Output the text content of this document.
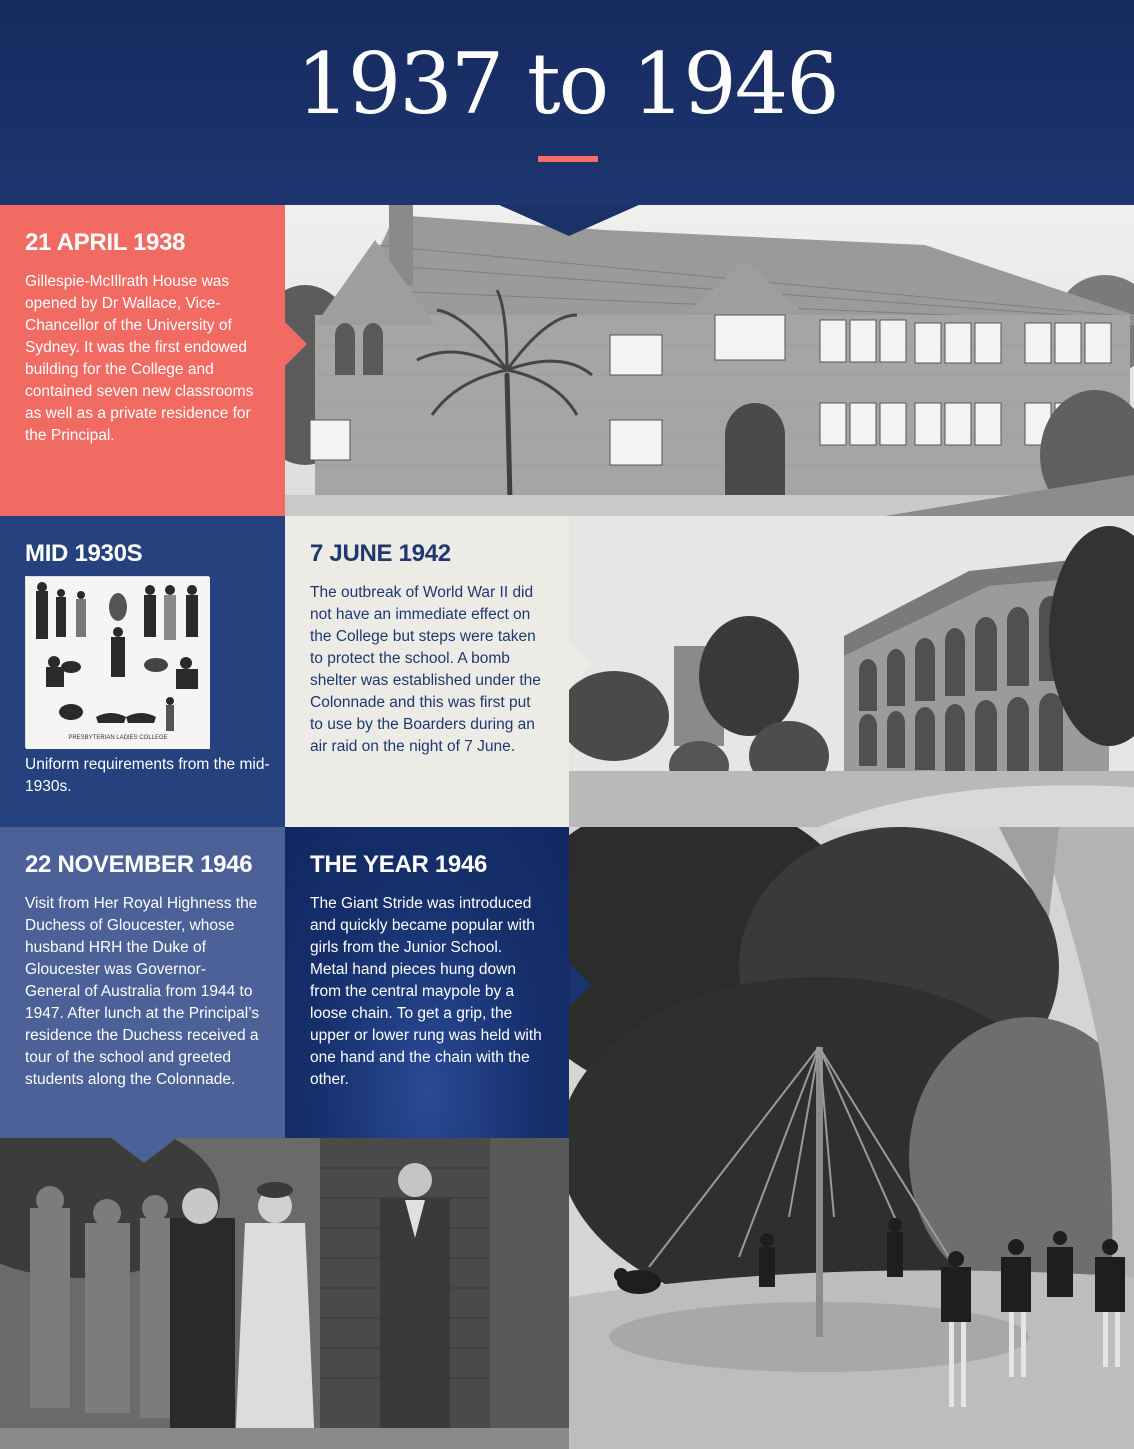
1937 to 1946
21 APRIL 1938

Gillespie-McIllrath House was opened by Dr Wallace, Vice-Chancellor of the University of Sydney. It was the first endowed building for the College and contained seven new classrooms as well as a private residence for the Principal.

MID 1930S
PRESBYTERIAN LADIES COLLEGE
Uniform requirements from the mid-1930s.
7 JUNE 1942

The outbreak of World War II did not have an immediate effect on the College but steps were taken to protect the school. A bomb shelter was established under the Colonnade and this was first put to use by the Boarders during an air raid on the night of 7 June.

22 NOVEMBER 1946

Visit from Her Royal Highness the Duchess of Gloucester, whose husband HRH the Duke of Gloucester was Governor-General of Australia from 1944 to 1947. After lunch at the Principal’s residence the Duchess received a tour of the school and greeted students along the Colonnade.

THE YEAR 1946

The Giant Stride was introduced and quickly became popular with girls from the Junior School. Metal hand pieces hung down from the central maypole by a loose chain. To get a grip, the upper or lower rung was held with one hand and the chain with the other.
